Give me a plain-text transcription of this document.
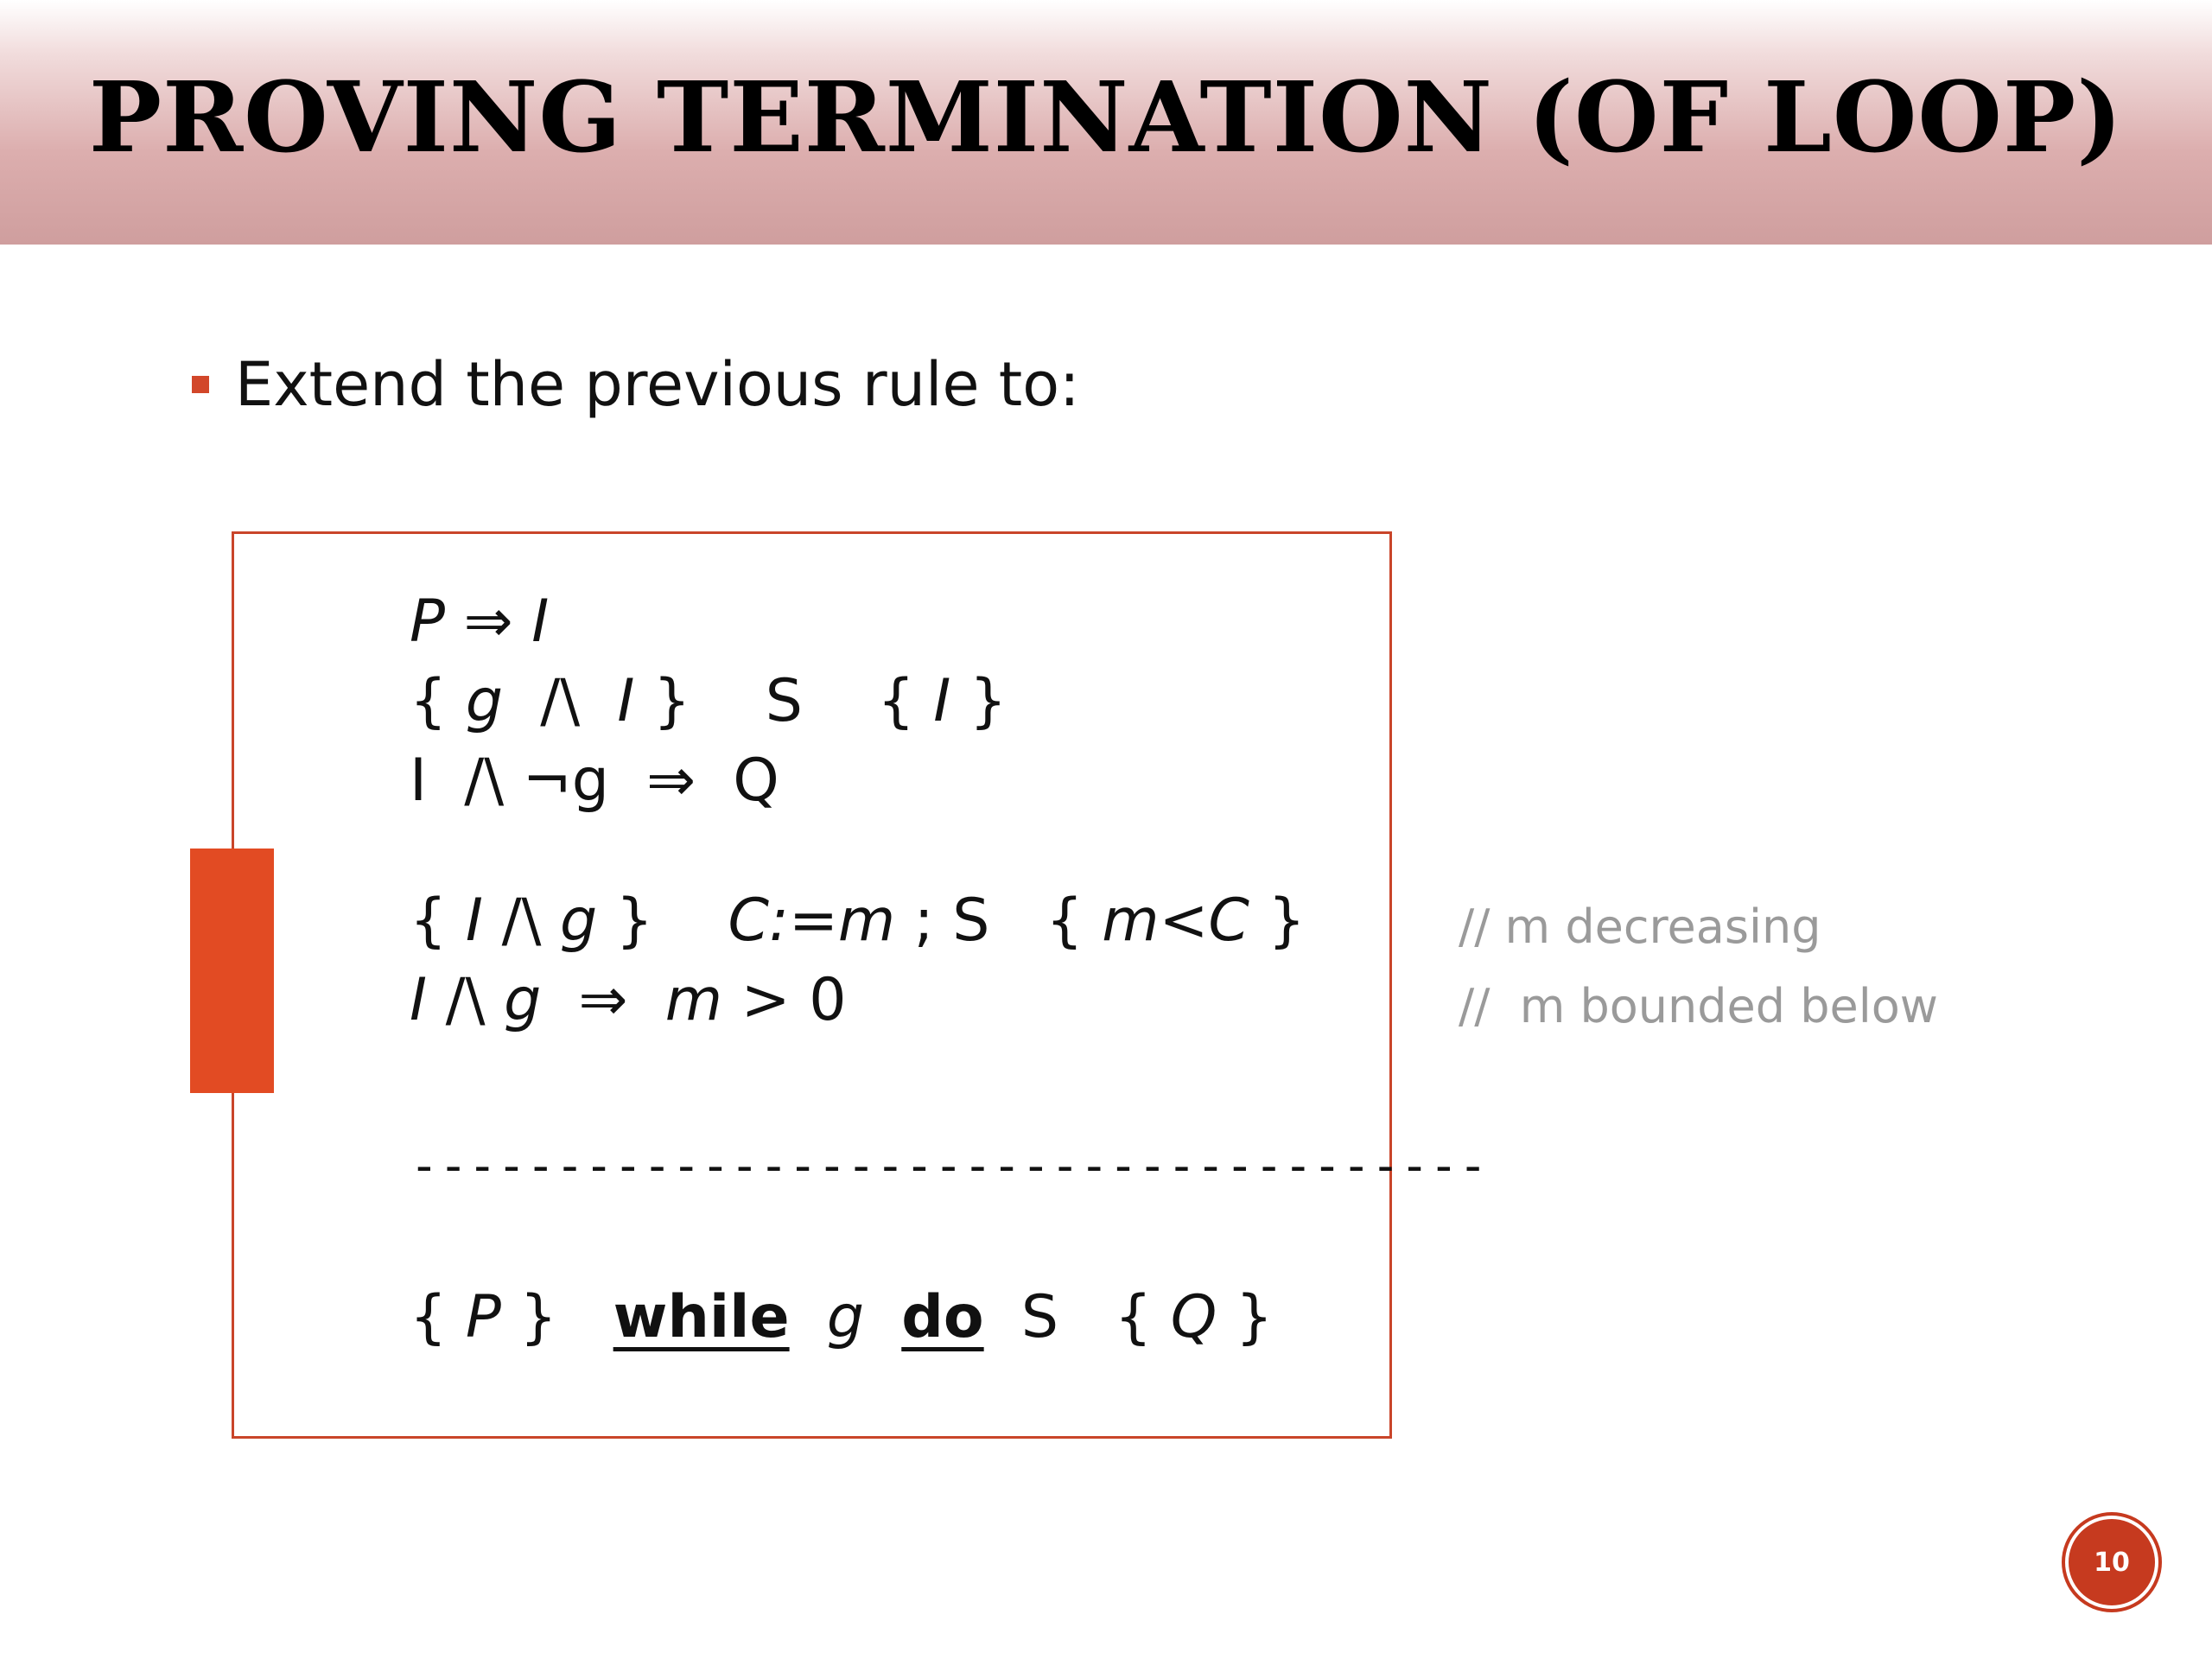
PROVING TERMINATION (OF LOOP)
Extend the previous rule to:
P ⇒ I
{ g  /\  I }    S    { I }
I  /\ ¬g  ⇒  Q
{ I /\ g } C:=m ; S   { m<C }
I /\ g  ⇒  m > 0
// m decreasing
//  m bounded below
-------------------------------------
{ P }   while g do  S   { Q }
10
